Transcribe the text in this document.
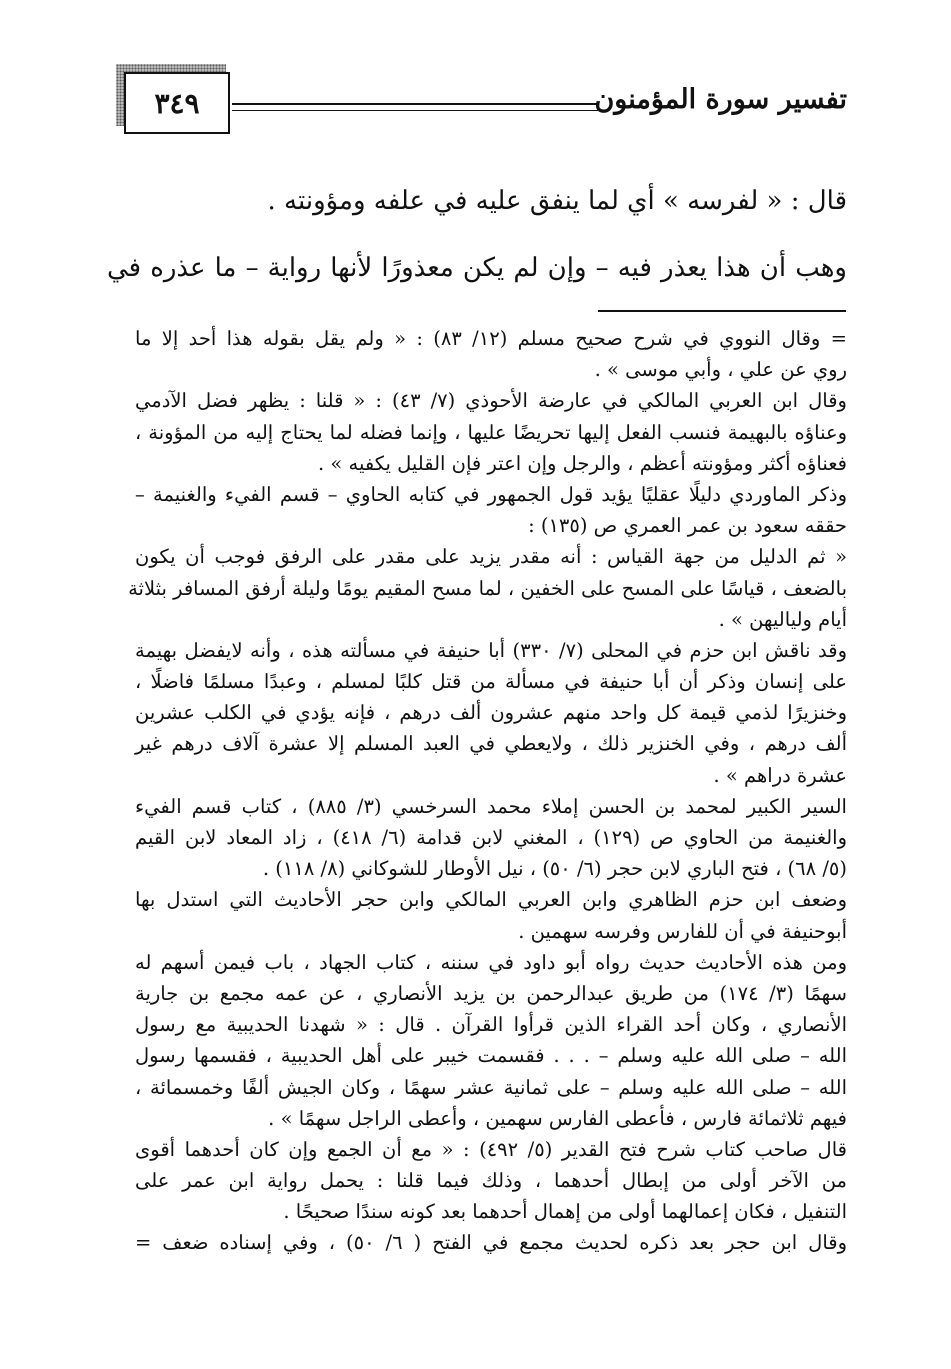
تفسير سورة المؤمنون
٣٤٩
قال : « لفرسه » أي لما ينفق عليه في علفه ومؤونته .
وهب أن هذا يعذر فيه – وإن لم يكن معذورًا لأنها رواية – ما عذره في
= وقال النووي في شرح صحيح مسلم (١٢/ ٨٣) : « ولم يقل بقوله هذا أحد إلا ما
روي عن علي ، وأبي موسى » .
وقال ابن العربي المالكي في عارضة الأحوذي (٧/ ٤٣) : « قلنا : يظهر فضل الآدمي
وعناؤه بالبهيمة فنسب الفعل إليها تحريضًا عليها ، وإنما فضله لما يحتاج إليه من المؤونة ،
فعناؤه أكثر ومؤونته أعظم ، والرجل وإن اعتر فإن القليل يكفيه » .
وذكر الماوردي دليلًا عقليًا يؤيد قول الجمهور في كتابه الحاوي – قسم الفيء والغنيمة –
حققه سعود بن عمر العمري ص (١٣٥) :
« ثم الدليل من جهة القياس : أنه مقدر يزيد على مقدر على الرفق فوجب أن يكون
بالضعف ، قياسًا على المسح على الخفين ، لما مسح المقيم يومًا وليلة أرفق المسافر بثلاثة
أيام ولياليهن » .
وقد ناقش ابن حزم في المحلى (٧/ ٣٣٠) أبا حنيفة في مسألته هذه ، وأنه لايفضل بهيمة
على إنسان وذكر أن أبا حنيفة في مسألة من قتل كلبًا لمسلم ، وعبدًا مسلمًا فاضلًا ،
وخنزيرًا لذمي قيمة كل واحد منهم عشرون ألف درهم ، فإنه يؤدي في الكلب عشرين
ألف درهم ، وفي الخنزير ذلك ، ولايعطي في العبد المسلم إلا عشرة آلاف درهم غير
عشرة دراهم » .
السير الكبير لمحمد بن الحسن إملاء محمد السرخسي (٣/ ٨٨٥) ، كتاب قسم الفيء
والغنيمة من الحاوي ص (١٢٩) ، المغني لابن قدامة (٦/ ٤١٨) ، زاد المعاد لابن القيم
(٥/ ٦٨) ، فتح الباري لابن حجر (٦/ ٥٠) ، نيل الأوطار للشوكاني (٨/ ١١٨) .
وضعف ابن حزم الظاهري وابن العربي المالكي وابن حجر الأحاديث التي استدل بها
أبوحنيفة في أن للفارس وفرسه سهمين .
ومن هذه الأحاديث حديث رواه أبو داود في سننه ، كتاب الجهاد ، باب فيمن أسهم له
سهمًا (٣/ ١٧٤) من طريق عبدالرحمن بن يزيد الأنصاري ، عن عمه مجمع بن جارية
الأنصاري ، وكان أحد القراء الذين قرأوا القرآن . قال : « شهدنا الحديبية مع رسول
الله – صلى الله عليه وسلم – . . . فقسمت خيبر على أهل الحديبية ، فقسمها رسول
الله – صلى الله عليه وسلم – على ثمانية عشر سهمًا ، وكان الجيش ألفًا وخمسمائة ،
فيهم ثلاثمائة فارس ، فأعطى الفارس سهمين ، وأعطى الراجل سهمًا » .
قال صاحب كتاب شرح فتح القدير (٥/ ٤٩٢) : « مع أن الجمع وإن كان أحدهما أقوى
من الآخر أولى من إبطال أحدهما ، وذلك فيما قلنا : يحمل رواية ابن عمر على
التنفيل ، فكان إعمالهما أولى من إهمال أحدهما بعد كونه سندًا صحيحًا .
وقال ابن حجر بعد ذكره لحديث مجمع في الفتح ( ٦/ ٥٠) ، وفي إسناده ضعف =
